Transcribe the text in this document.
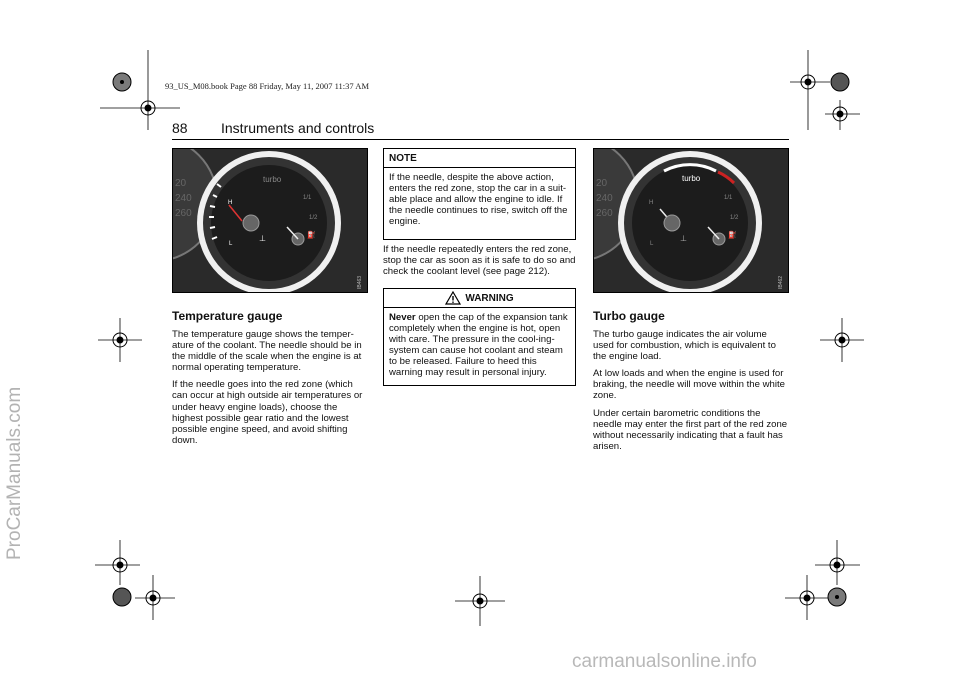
93_US_M08.book Page 88 Friday, May 11, 2007 11:37 AM
88 Instruments and controls
20
240
260
turbo
H
L
1/1
1/2
⊥	⛽
IB463
Temperature gauge

The temperature gauge shows the temper-ature of the coolant. The needle should be in the middle of the scale when the engine is at normal operating temperature.

If the needle goes into the red zone (which can occur at high outside air temperatures or under heavy engine loads), choose the highest possible gear ratio and the lowest possible engine speed, and avoid shifting down.

NOTE
If the needle, despite the above action, enters the red zone, stop the car in a suit-able place and allow the engine to idle. If the needle continues to rise, switch off the engine.
If the needle repeatedly enters the red zone, stop the car as soon as it is safe to do so and check the coolant level (see page 212).
WARNING
Never open the cap of the expansion tank completely when the engine is hot, open with care. The pressure in the cool-ing-system can cause hot coolant and steam to be released. Failure to heed this warning may result in personal injury.
20
240
260
turbo
H
L
1/1
1/2
⊥	⛽
IB462
Turbo gauge

The turbo gauge indicates the air volume used for combustion, which is equivalent to the engine load.

At low loads and when the engine is used for braking, the needle will move within the white zone.

Under certain barometric conditions the needle may enter the first part of the red zone without necessarily indicating that a fault has arisen.

ProCarManuals.com
carmanualsonline.info
